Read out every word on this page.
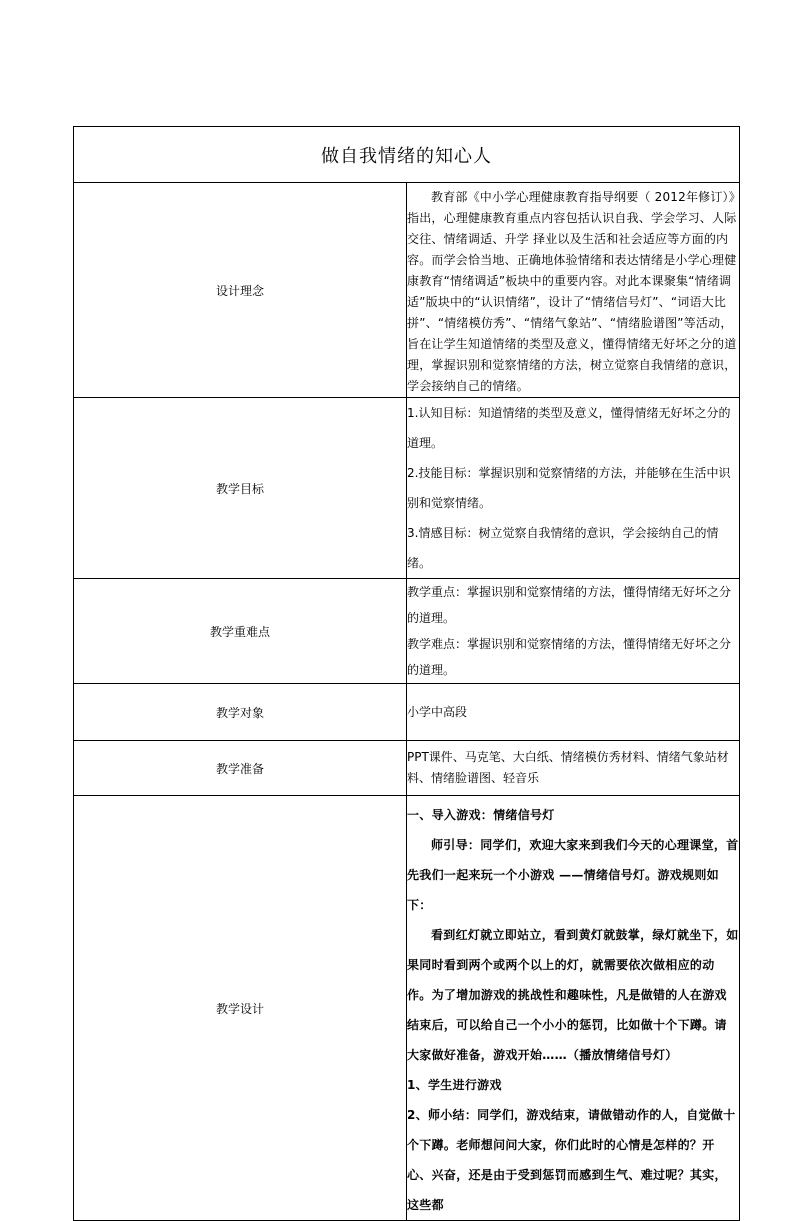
做自我情绪的知心人	
设计理念	教育部《中小学心理健康教育指导纲要（ 2012年修订）》指出，心理健康教育重点内容包括认识自我、学会学习、人际交往、情绪调适、升学 择业以及生活和社会适应等方面的内容。而学会恰当地、正确地体验情绪和表达情绪是小学心理健康教育“情绪调适”板块中的重要内容。对此本课聚集“情绪调适”版块中的“认识情绪”，设计了“情绪信号灯”、“词语大比拼”、“情绪模仿秀”、“情绪气象站”、“情绪脸谱图”等活动，旨在让学生知道情绪的类型及意义，懂得情绪无好坏之分的道理，掌握识别和觉察情绪的方法，树立觉察自我情绪的意识，学会接纳自己的情绪。

教学目标	1.认知目标：知道情绪的类型及意义，懂得情绪无好坏之分的道理。

2.技能目标：掌握识别和觉察情绪的方法，并能够在生活中识别和觉察情绪。

3.情感目标：树立觉察自我情绪的意识，学会接纳自己的情绪。

教学重难点	教学重点：掌握识别和觉察情绪的方法，懂得情绪无好坏之分的道理。

教学难点：掌握识别和觉察情绪的方法，懂得情绪无好坏之分的道理。

教学对象	小学中高段
教学准备	PPT课件、马克笔、大白纸、情绪模仿秀材料、情绪气象站材料、情绪脸谱图、轻音乐
教学设计	一、导入游戏：情绪信号灯

师引导：同学们，欢迎大家来到我们今天的心理课堂，首先我们一起来玩一个小游戏 ——情绪信号灯。游戏规则如下：

看到红灯就立即站立，看到黄灯就鼓掌，绿灯就坐下，如果同时看到两个或两个以上的灯，就需要依次做相应的动作。为了增加游戏的挑战性和趣味性，凡是做错的人在游戏结束后，可以给自己一个小小的惩罚，比如做十个下蹲。请大家做好准备，游戏开始……（播放情绪信号灯）

1、学生进行游戏

2、师小结：同学们，游戏结束，请做错动作的人，自觉做十个下蹲。老师想问问大家，你们此时的心情是怎样的？开心、兴奋，还是由于受到惩罚而感到生气、难过呢？其实，这些都
